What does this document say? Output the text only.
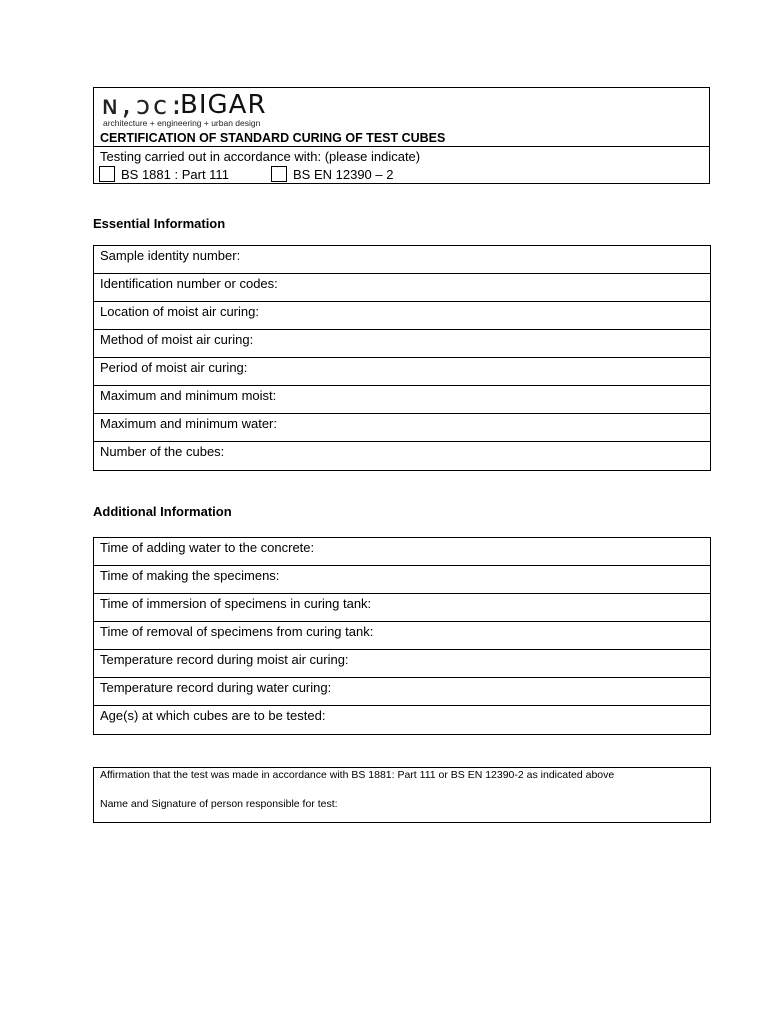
ɴ,ɔc:
BIGAR
architecture + engineering + urban design
CERTIFICATION OF STANDARD CURING OF TEST CUBES
Testing carried out in accordance with: (please indicate)
BS 1881 : Part 111	BS EN 12390 – 2
Essential Information
Sample identity number:
Identification number or codes:
Location of moist air curing:
Method of moist air curing:
Period of moist air curing:
Maximum and minimum moist:
Maximum and minimum water:
Number of the cubes:
Additional Information
Time of adding water to the concrete:
Time of making the specimens:
Time of immersion of specimens in curing tank:
Time of removal of specimens from curing tank:
Temperature record during moist air curing:
Temperature record during water curing:
Age(s) at which cubes are to be tested:
Affirmation that the test was made in accordance with BS 1881: Part 111 or BS EN 12390-2 as indicated above
Name and Signature of person responsible for test:
